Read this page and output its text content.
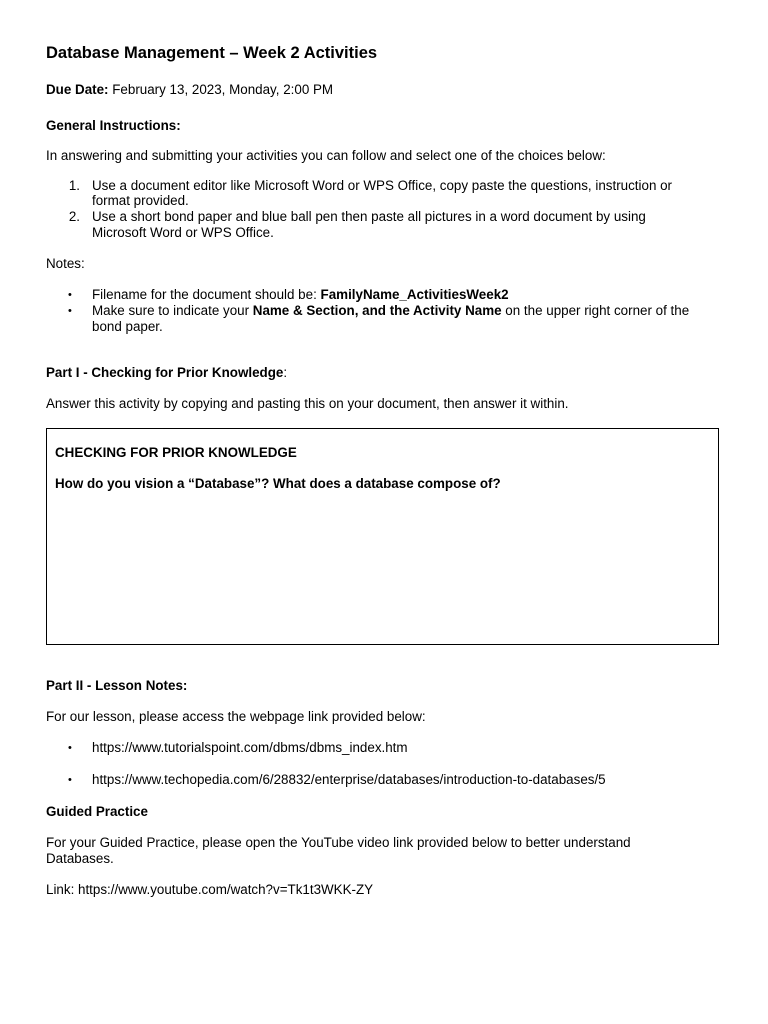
Database Management – Week 2 Activities
Due Date: February 13, 2023, Monday, 2:00 PM
General Instructions:
In answering and submitting your activities you can follow and select one of the choices below:
1. Use a document editor like Microsoft Word or WPS Office, copy paste the questions, instruction or
format provided.
2. Use a short bond paper and blue ball pen then paste all pictures in a word document by using
Microsoft Word or WPS Office.
Notes:
• Filename for the document should be: FamilyName_ActivitiesWeek2
• Make sure to indicate your Name & Section, and the Activity Name on the upper right corner of the
bond paper.
Part I - Checking for Prior Knowledge:
Answer this activity by copying and pasting this on your document, then answer it within.
CHECKING FOR PRIOR KNOWLEDGE
How do you vision a “Database”? What does a database compose of?
Part II - Lesson Notes:
For our lesson, please access the webpage link provided below:
• https://www.tutorialspoint.com/dbms/dbms_index.htm
• https://www.techopedia.com/6/28832/enterprise/databases/introduction-to-databases/5
Guided Practice
For your Guided Practice, please open the YouTube video link provided below to better understand
Databases.
Link: https://www.youtube.com/watch?v=Tk1t3WKK-ZY
